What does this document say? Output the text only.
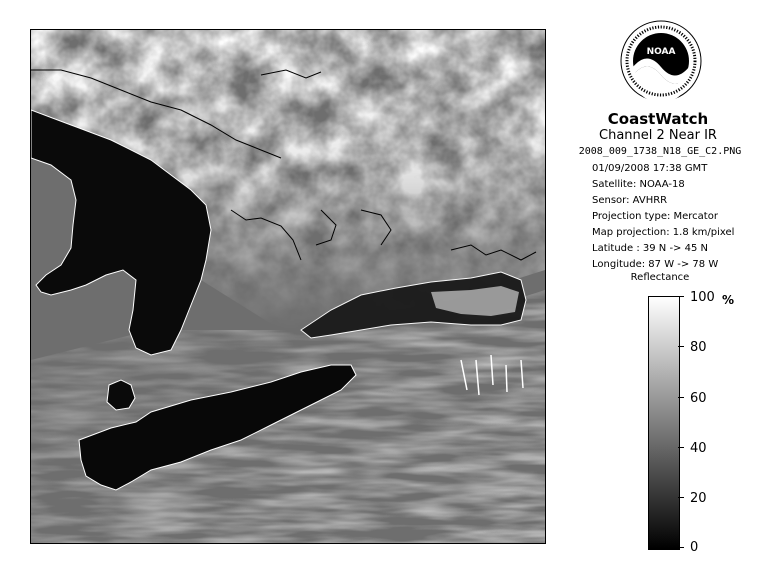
NOAA
CoastWatch
Channel 2 Near IR
2008_009_1738_N18_GE_C2.PNG
01/09/2008 17:38 GMT
Satellite: NOAA-18
Sensor: AVHRR
Projection type: Mercator
Map projection: 1.8 km/pixel
Latitude : 39 N -> 45 N
Longitude: 87 W -> 78 W
Reflectance
%
100
80
60
40
20
0
